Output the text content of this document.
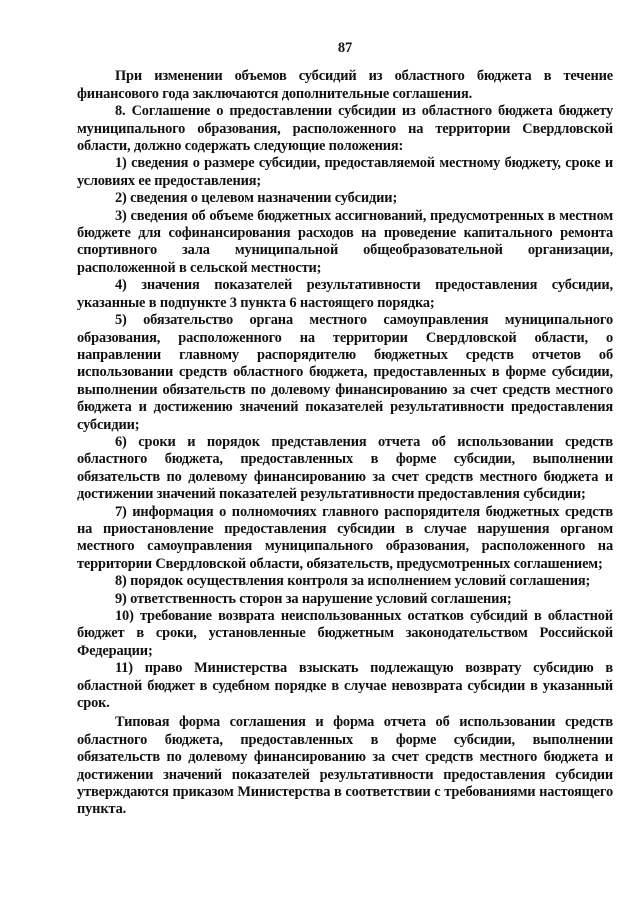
87

При изменении объемов субсидий из областного бюджета в течение финансового года заключаются дополнительные соглашения.

8. Соглашение о предоставлении субсидии из областного бюджета бюджету муниципального образования, расположенного на территории Свердловской области, должно содержать следующие положения:

1) сведения о размере субсидии, предоставляемой местному бюджету, сроке и условиях ее предоставления;

2) сведения о целевом назначении субсидии;

3) сведения об объеме бюджетных ассигнований, предусмотренных в местном бюджете для софинансирования расходов на проведение капитального ремонта спортивного зала муниципальной общеобразовательной организации, расположенной в сельской местности;

4) значения показателей результативности предоставления субсидии, указанные в подпункте 3 пункта 6 настоящего порядка;

5) обязательство органа местного самоуправления муниципального образования, расположенного на территории Свердловской области, о направлении главному распорядителю бюджетных средств отчетов об использовании средств областного бюджета, предоставленных в форме субсидии, выполнении обязательств по долевому финансированию за счет средств местного бюджета и достижению значений показателей результативности предоставления субсидии;

6) сроки и порядок представления отчета об использовании средств областного бюджета, предоставленных в форме субсидии, выполнении обязательств по долевому финансированию за счет средств местного бюджета и достижении значений показателей результативности предоставления субсидии;

7) информация о полномочиях главного распорядителя бюджетных средств на приостановление предоставления субсидии в случае нарушения органом местного самоуправления муниципального образования, расположенного на территории Свердловской области, обязательств, предусмотренных соглашением;

8) порядок осуществления контроля за исполнением условий соглашения;

9) ответственность сторон за нарушение условий соглашения;

10) требование возврата неиспользованных остатков субсидий в областной бюджет в сроки, установленные бюджетным законодательством Российской Федерации;

11) право Министерства взыскать подлежащую возврату субсидию в областной бюджет в судебном порядке в случае невозврата субсидии в указанный срок.

Типовая форма соглашения и форма отчета об использовании средств областного бюджета, предоставленных в форме субсидии, выполнении обязательств по долевому финансированию за счет средств местного бюджета и достижении значений показателей результативности предоставления субсидии утверждаются приказом Министерства в соответствии с требованиями настоящего пункта.
